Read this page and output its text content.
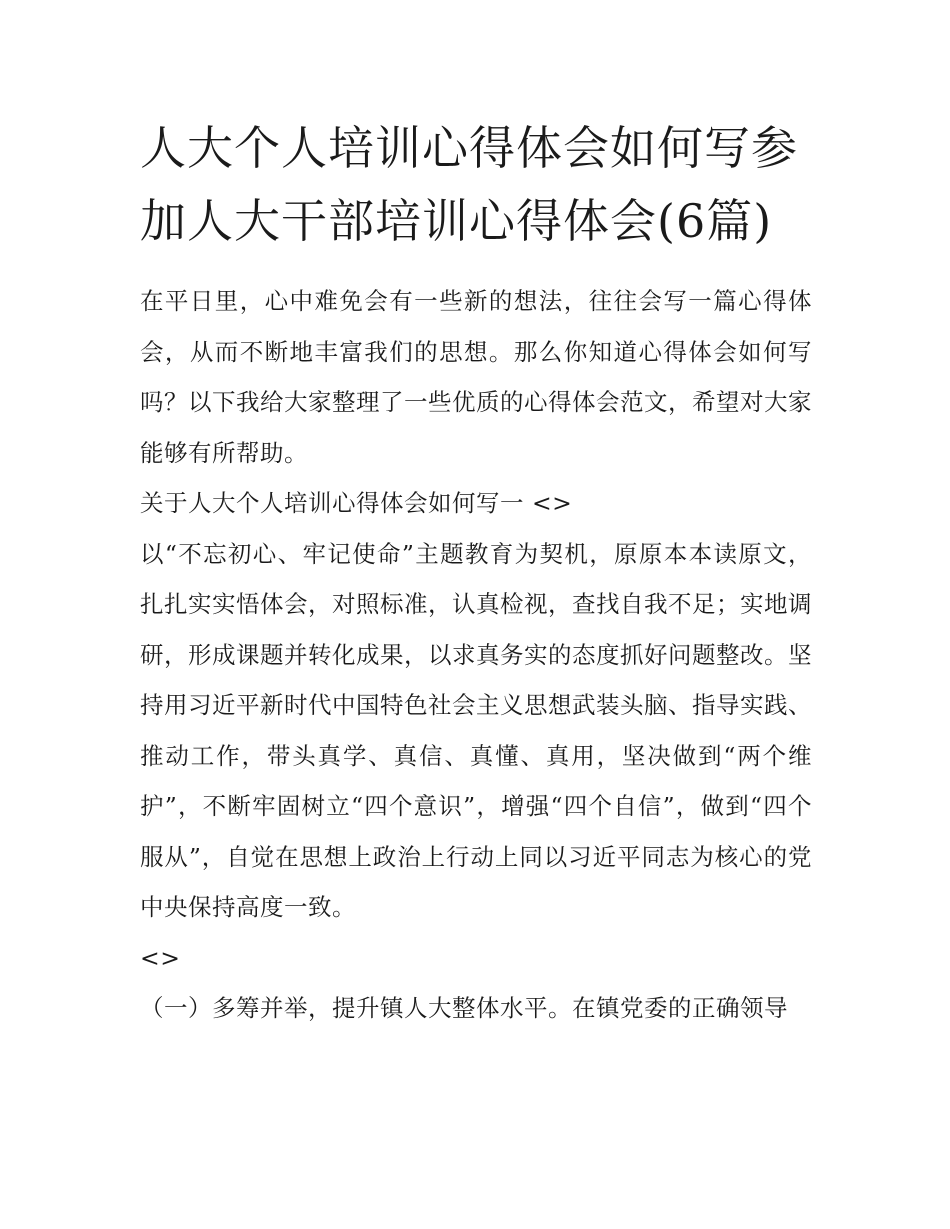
人大个人培训心得体会如何写参加人大干部培训心得体会(6篇)

在平日里，心中难免会有一些新的想法，往往会写一篇心得体会，从而不断地丰富我们的思想。那么你知道心得体会如何写吗？以下我给大家整理了一些优质的心得体会范文，希望对大家能够有所帮助。

关于人大个人培训心得体会如何写一 <>

以“不忘初心、牢记使命”主题教育为契机，原原本本读原文，扎扎实实悟体会，对照标准，认真检视，查找自我不足；实地调研，形成课题并转化成果，以求真务实的态度抓好问题整改。坚持用习近平新时代中国特色社会主义思想武装头脑、指导实践、推动工作，带头真学、真信、真懂、真用，坚决做到“两个维护”，不断牢固树立“四个意识”，增强“四个自信”，做到“四个服从”，自觉在思想上政治上行动上同以习近平同志为核心的党中央保持高度一致。

<>

（一）多筹并举，提升镇人大整体水平。在镇党委的正确领导
